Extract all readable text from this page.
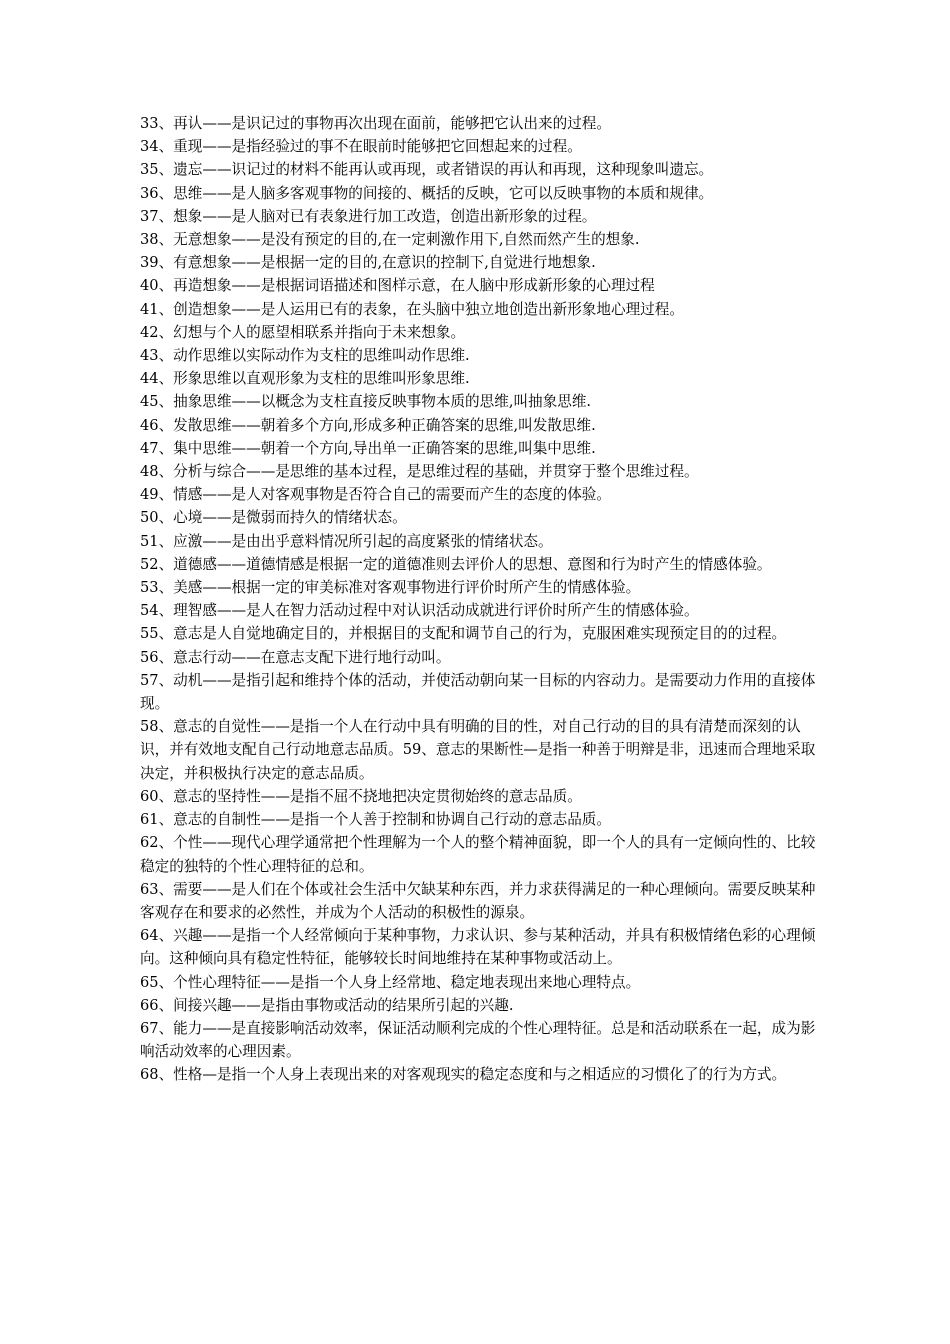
33、再认——是识记过的事物再次出现在面前，能够把它认出来的过程。

34、重现——是指经验过的事不在眼前时能够把它回想起来的过程。

35、遗忘——识记过的材料不能再认或再现，或者错误的再认和再现，这种现象叫遗忘。

36、思维——是人脑多客观事物的间接的、概括的反映，它可以反映事物的本质和规律。

37、想象——是人脑对已有表象进行加工改造，创造出新形象的过程。

38、无意想象——是没有预定的目的,在一定刺激作用下,自然而然产生的想象.

39、有意想象——是根据一定的目的,在意识的控制下,自觉进行地想象.

40、再造想象——是根据词语描述和图样示意，在人脑中形成新形象的心理过程

41、创造想象——是人运用已有的表象，在头脑中独立地创造出新形象地心理过程。

42、幻想与个人的愿望相联系并指向于未来想象。

43、动作思维以实际动作为支柱的思维叫动作思维.

44、形象思维以直观形象为支柱的思维叫形象思维.

45、抽象思维——以概念为支柱直接反映事物本质的思维,叫抽象思维.

46、发散思维——朝着多个方向,形成多种正确答案的思维,叫发散思维.

47、集中思维——朝着一个方向,导出单一正确答案的思维,叫集中思维.

48、分析与综合——是思维的基本过程，是思维过程的基础，并贯穿于整个思维过程。

49、情感——是人对客观事物是否符合自己的需要而产生的态度的体验。

50、心境——是微弱而持久的情绪状态。

51、应激——是由出乎意料情况所引起的高度紧张的情绪状态。

52、道德感——道德情感是根据一定的道德准则去评价人的思想、意图和行为时产生的情感体验。

53、美感——根据一定的审美标准对客观事物进行评价时所产生的情感体验。

54、理智感——是人在智力活动过程中对认识活动成就进行评价时所产生的情感体验。

55、意志是人自觉地确定目的，并根据目的支配和调节自己的行为，克服困难实现预定目的的过程。

56、意志行动——在意志支配下进行地行动叫。

57、动机——是指引起和维持个体的活动，并使活动朝向某一目标的内容动力。是需要动力作用的直接体现。

58、意志的自觉性——是指一个人在行动中具有明确的目的性，对自己行动的目的具有清楚而深刻的认识，并有效地支配自己行动地意志品质。59、意志的果断性—是指一种善于明辩是非，迅速而合理地采取决定，并积极执行决定的意志品质。

60、意志的坚持性——是指不屈不挠地把决定贯彻始终的意志品质。

61、意志的自制性——是指一个人善于控制和协调自己行动的意志品质。

62、个性——现代心理学通常把个性理解为一个人的整个精神面貌，即一个人的具有一定倾向性的、比较稳定的独特的个性心理特征的总和。

63、需要——是人们在个体或社会生活中欠缺某种东西，并力求获得满足的一种心理倾向。需要反映某种客观存在和要求的必然性，并成为个人活动的积极性的源泉。

64、兴趣——是指一个人经常倾向于某种事物，力求认识、参与某种活动，并具有积极情绪色彩的心理倾向。这种倾向具有稳定性特征，能够较长时间地维持在某种事物或活动上。

65、个性心理特征——是指一个人身上经常地、稳定地表现出来地心理特点。

66、间接兴趣——是指由事物或活动的结果所引起的兴趣.

67、能力——是直接影响活动效率，保证活动顺利完成的个性心理特征。总是和活动联系在一起，成为影响活动效率的心理因素。

68、性格—是指一个人身上表现出来的对客观现实的稳定态度和与之相适应的习惯化了的行为方式。
